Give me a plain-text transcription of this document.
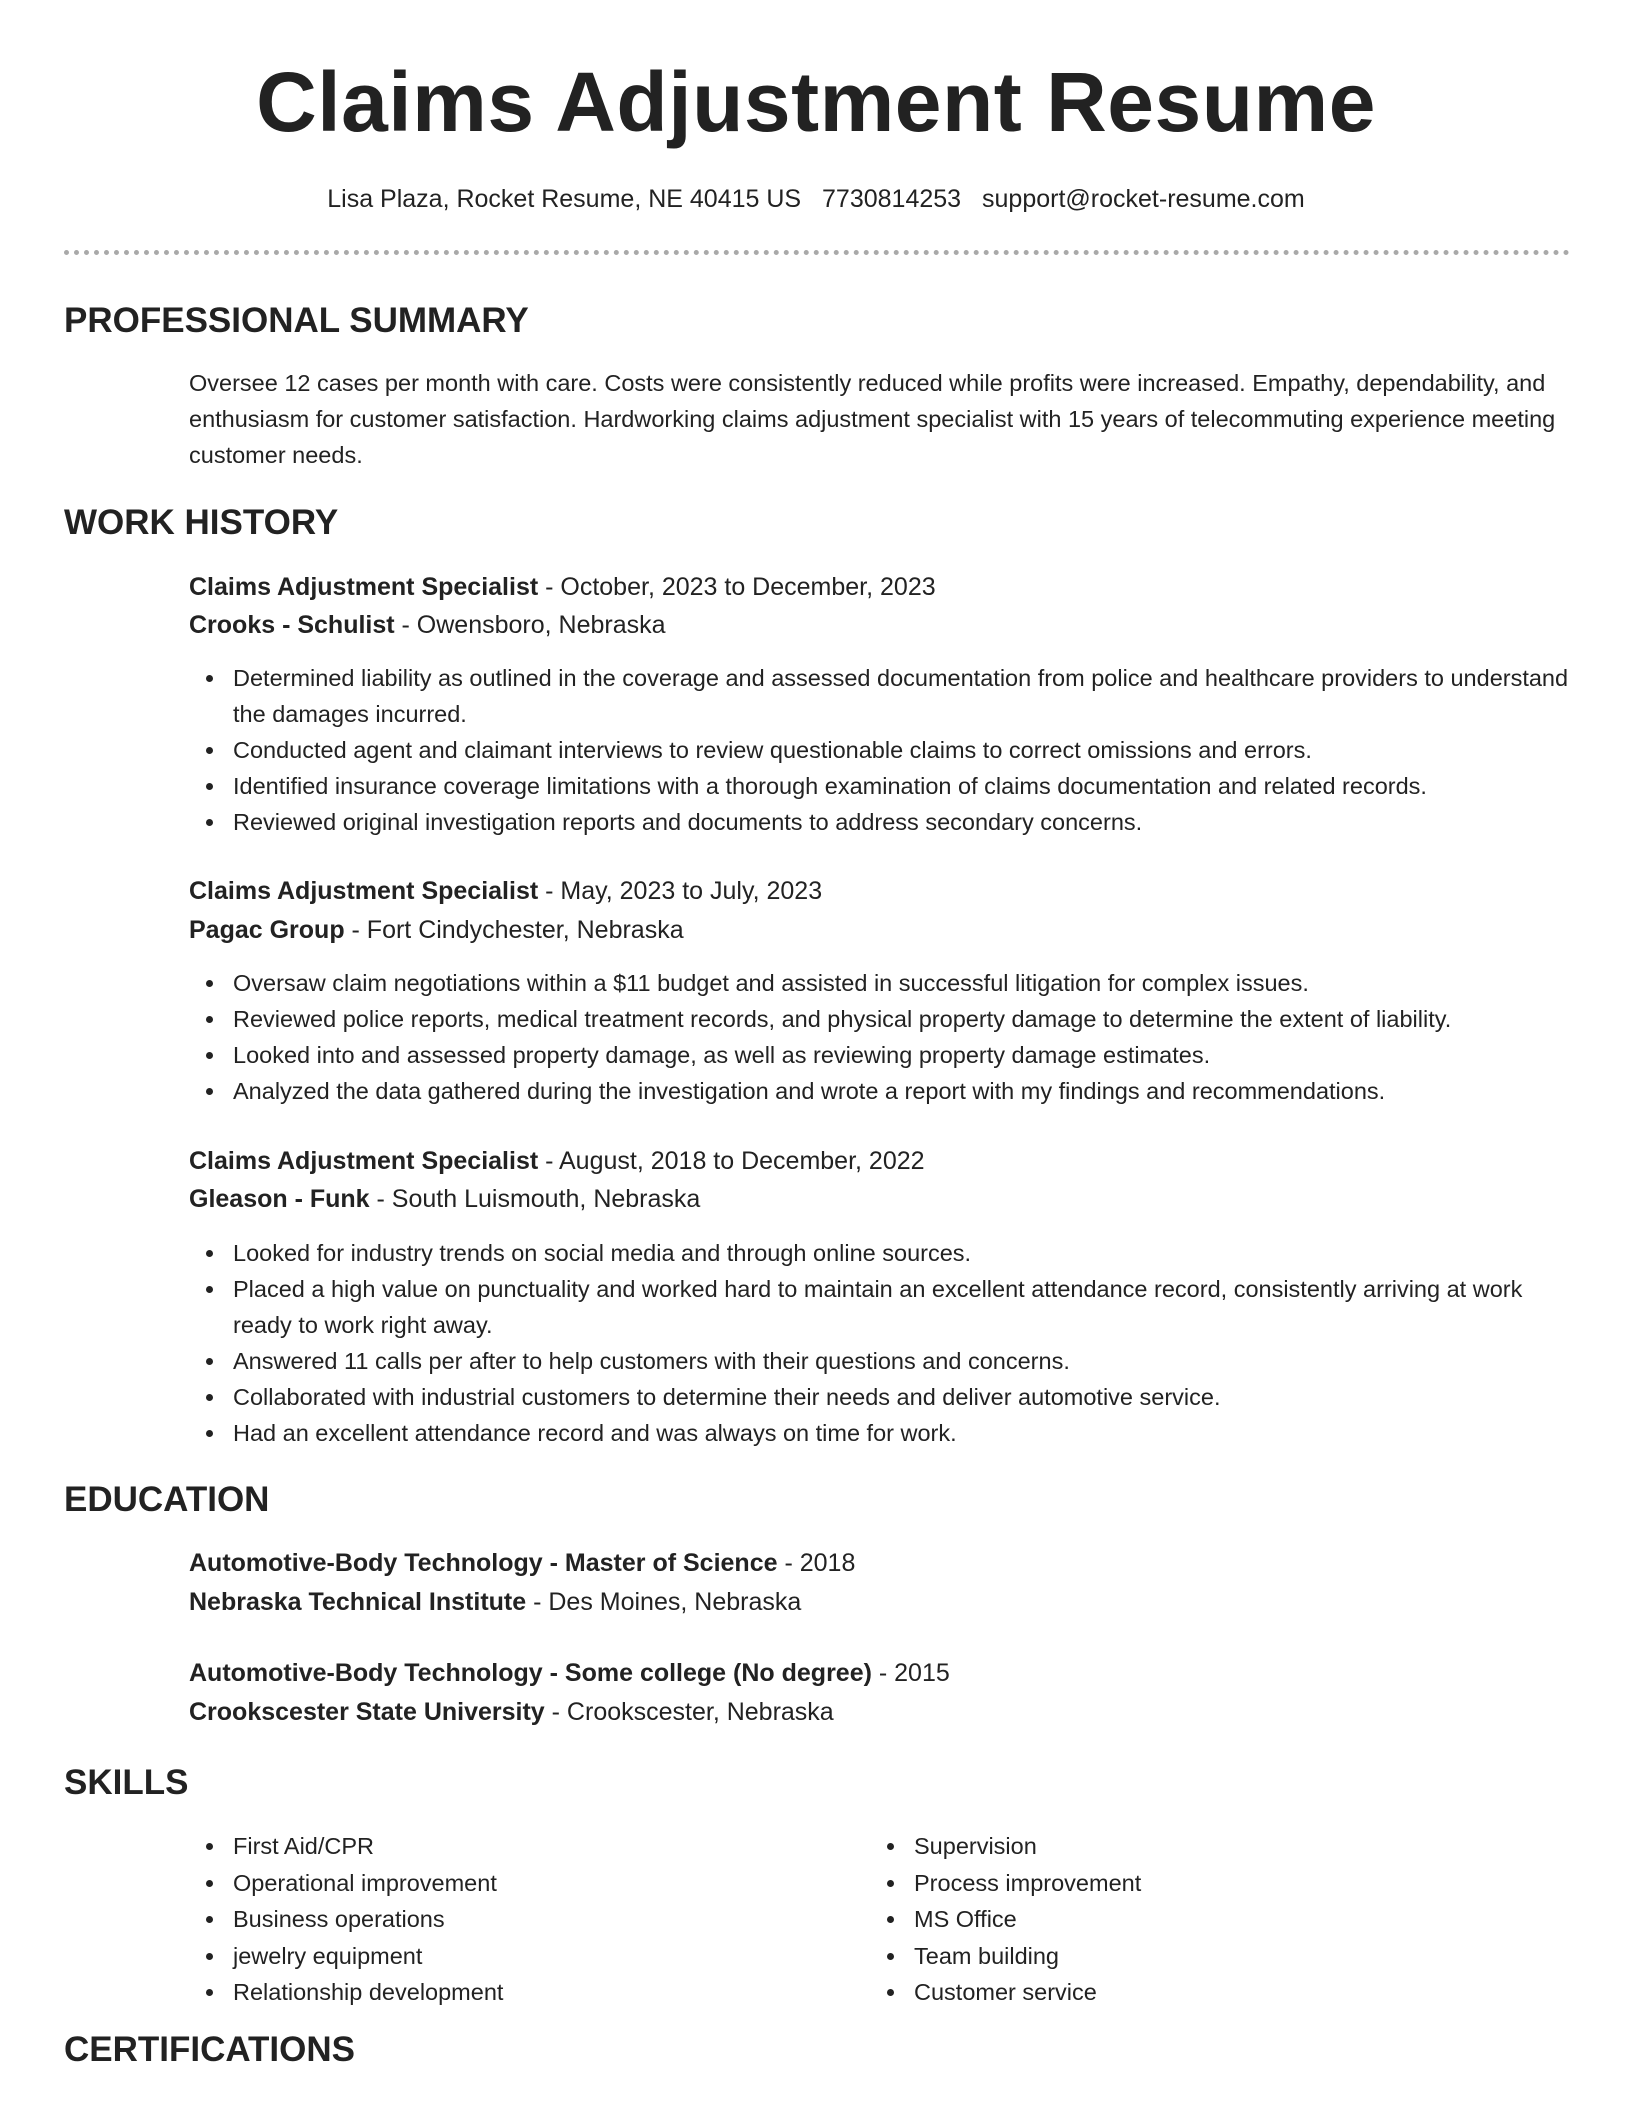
Claims Adjustment Resume
Lisa Plaza, Rocket Resume, NE 40415 US 7730814253 support@rocket-resume.com
PROFESSIONAL SUMMARY

Oversee 12 cases per month with care. Costs were consistently reduced while profits were increased. Empathy, dependability, and enthusiasm for customer satisfaction. Hardworking claims adjustment specialist with 15 years of telecommuting experience meeting customer needs.

WORK HISTORY
Claims Adjustment Specialist - October, 2023 to December, 2023
Crooks - Schulist - Owensboro, Nebraska
Determined liability as outlined in the coverage and assessed documentation from police and healthcare providers to understand the damages incurred.
Conducted agent and claimant interviews to review questionable claims to correct omissions and errors.
Identified insurance coverage limitations with a thorough examination of claims documentation and related records.
Reviewed original investigation reports and documents to address secondary concerns.
Claims Adjustment Specialist - May, 2023 to July, 2023
Pagac Group - Fort Cindychester, Nebraska
Oversaw claim negotiations within a $11 budget and assisted in successful litigation for complex issues.
Reviewed police reports, medical treatment records, and physical property damage to determine the extent of liability.
Looked into and assessed property damage, as well as reviewing property damage estimates.
Analyzed the data gathered during the investigation and wrote a report with my findings and recommendations.
Claims Adjustment Specialist - August, 2018 to December, 2022
Gleason - Funk - South Luismouth, Nebraska
Looked for industry trends on social media and through online sources.
Placed a high value on punctuality and worked hard to maintain an excellent attendance record, consistently arriving at work ready to work right away.
Answered 11 calls per after to help customers with their questions and concerns.
Collaborated with industrial customers to determine their needs and deliver automotive service.
Had an excellent attendance record and was always on time for work.
EDUCATION
Automotive-Body Technology - Master of Science - 2018
Nebraska Technical Institute - Des Moines, Nebraska
Automotive-Body Technology - Some college (No degree) - 2015
Crookscester State University - Crookscester, Nebraska
SKILLS
First Aid/CPR
Operational improvement
Business operations
jewelry equipment
Relationship development
Supervision
Process improvement
MS Office
Team building
Customer service
CERTIFICATIONS
